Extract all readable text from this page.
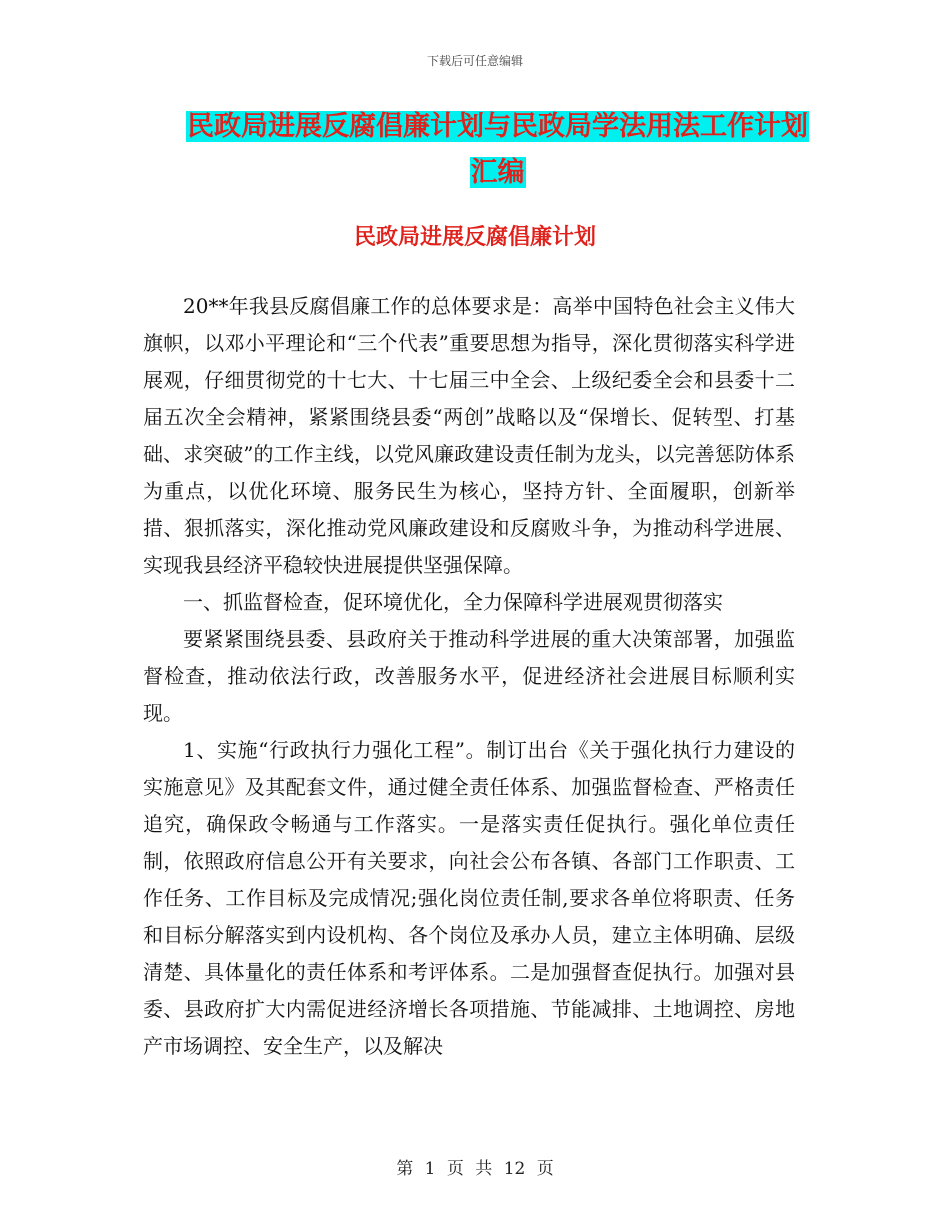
下载后可任意编辑
民政局进展反腐倡廉计划与民政局学法用法工作计划
汇编
民政局进展反腐倡廉计划

20**年我县反腐倡廉工作的总体要求是：高举中国特色社会主义伟大旗帜，以邓小平理论和“三个代表”重要思想为指导，深化贯彻落实科学进展观，仔细贯彻党的十七大、十七届三中全会、上级纪委全会和县委十二届五次全会精神，紧紧围绕县委“两创”战略以及“保增长、促转型、打基础、求突破”的工作主线，以党风廉政建设责任制为龙头，以完善惩防体系为重点，以优化环境、服务民生为核心，坚持方针、全面履职，创新举措、狠抓落实，深化推动党风廉政建设和反腐败斗争，为推动科学进展、实现我县经济平稳较快进展提供坚强保障。

一、抓监督检查，促环境优化，全力保障科学进展观贯彻落实

要紧紧围绕县委、县政府关于推动科学进展的重大决策部署，加强监督检查，推动依法行政，改善服务水平，促进经济社会进展目标顺利实现。

1、实施“行政执行力强化工程”。制订出台《关于强化执行力建设的实施意见》及其配套文件，通过健全责任体系、加强监督检查、严格责任追究，确保政令畅通与工作落实。一是落实责任促执行。强化单位责任制，依照政府信息公开有关要求，向社会公布各镇、各部门工作职责、工作任务、工作目标及完成情况;强化岗位责任制,要求各单位将职责、任务和目标分解落实到内设机构、各个岗位及承办人员，建立主体明确、层级清楚、具体量化的责任体系和考评体系。二是加强督查促执行。加强对县委、县政府扩大内需促进经济增长各项措施、节能减排、土地调控、房地产市场调控、安全生产，以及解决

第 1 页 共 12 页
